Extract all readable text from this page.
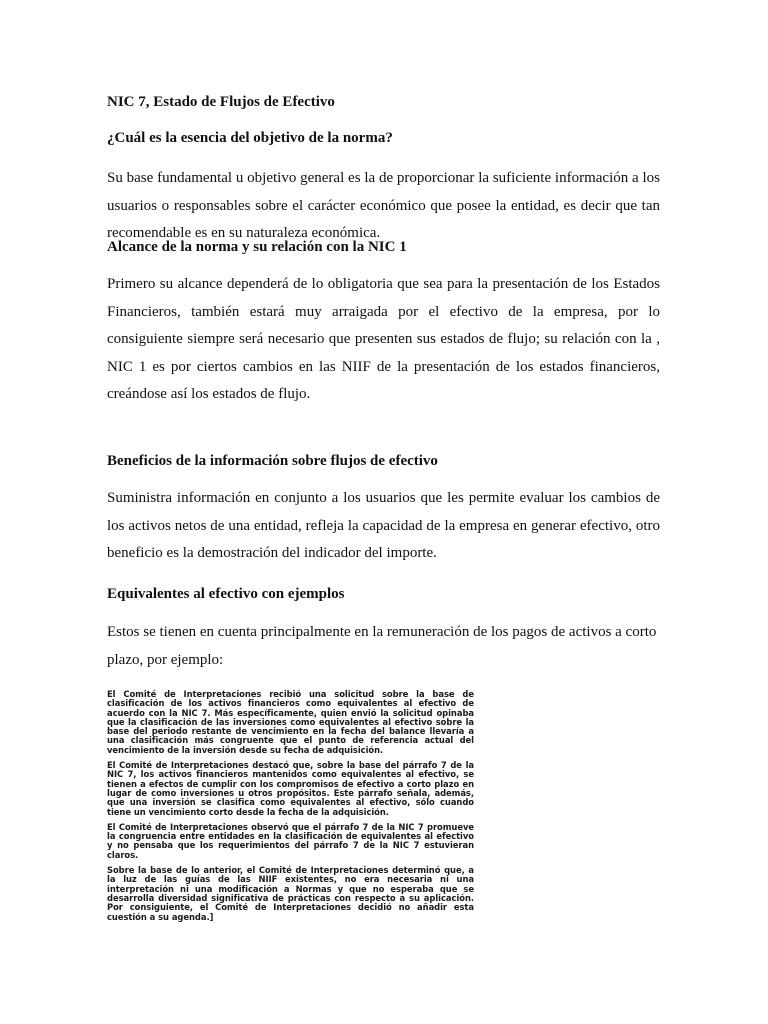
NIC 7, Estado de Flujos de Efectivo

¿Cuál es la esencia del objetivo de la norma?

Su base fundamental u objetivo general es la de proporcionar la suficiente información a los usuarios o responsables sobre el carácter económico que posee la entidad, es decir que tan recomendable es en su naturaleza económica.

Alcance de la norma y su relación con la NIC 1

Primero su alcance dependerá de lo obligatoria que sea para la presentación de los Estados Financieros, también estará muy arraigada por el efectivo de la empresa, por lo consiguiente siempre será necesario que presenten sus estados de flujo; su relación con la , NIC 1 es por ciertos cambios en las NIIF de la presentación de los estados financieros, creándose así los estados de flujo.

Beneficios de la información sobre flujos de efectivo

Suministra información en conjunto a los usuarios que les permite evaluar los cambios de los activos netos de una entidad, refleja la capacidad de la empresa en generar efectivo, otro beneficio es la demostración del indicador del importe.

Equivalentes al efectivo con ejemplos

Estos se tienen en cuenta principalmente en la remuneración de los pagos de activos a corto plazo, por ejemplo:

El Comité de Interpretaciones recibió una solicitud sobre la base de clasificación de los activos financieros como equivalentes al efectivo de acuerdo con la NIC 7. Más específicamente, quien envió la solicitud opinaba que la clasificación de las inversiones como equivalentes al efectivo sobre la base del periodo restante de vencimiento en la fecha del balance llevaría a una clasificación más congruente que el punto de referencia actual del vencimiento de la inversión desde su fecha de adquisición.

El Comité de Interpretaciones destacó que, sobre la base del párrafo 7 de la NIC 7, los activos financieros mantenidos como equivalentes al efectivo, se tienen a efectos de cumplir con los compromisos de efectivo a corto plazo en lugar de como inversiones u otros propósitos. Este párrafo señala, además, que una inversión se clasifica como equivalentes al efectivo, sólo cuando tiene un vencimiento corto desde la fecha de la adquisición.

El Comité de Interpretaciones observó que el párrafo 7 de la NIC 7 promueve la congruencia entre entidades en la clasificación de equivalentes al efectivo y no pensaba que los requerimientos del párrafo 7 de la NIC 7 estuvieran claros.

Sobre la base de lo anterior, el Comité de Interpretaciones determinó que, a la luz de las guías de las NIIF existentes, no era necesaria ni una interpretación ni una modificación a Normas y que no esperaba que se desarrolla diversidad significativa de prácticas con respecto a su aplicación. Por consiguiente, el Comité de Interpretaciones decidió no añadir esta cuestión a su agenda.]
